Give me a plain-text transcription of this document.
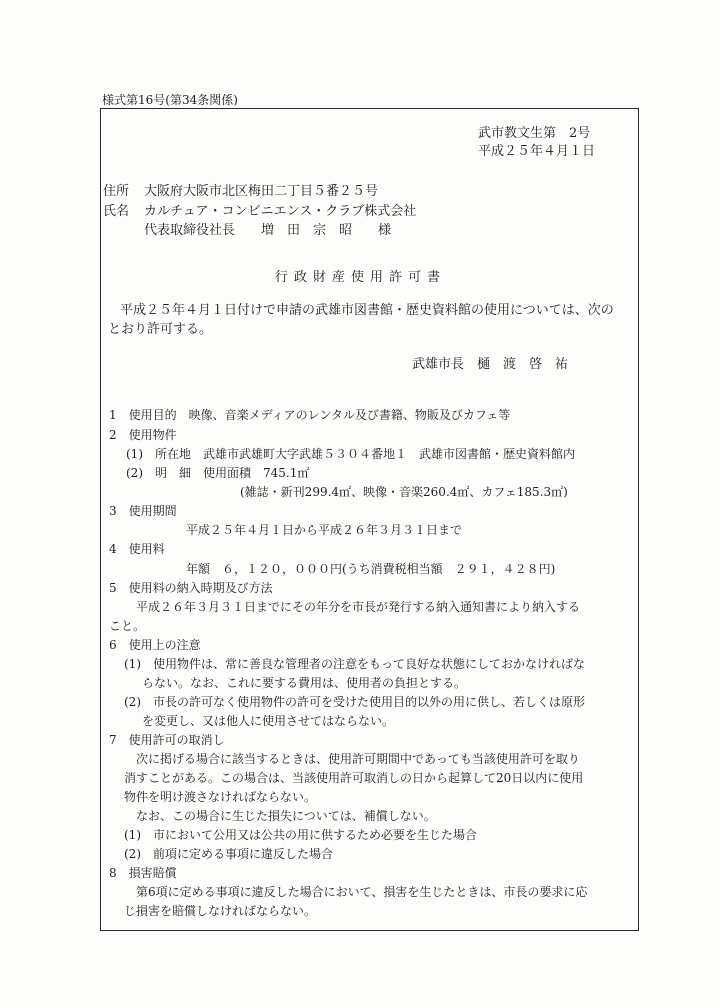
様式第16号(第34条関係)
武市教文生第　2号
平成２５年４月１日
住所 大阪府大阪市北区梅田二丁目５番２５号
氏名 カルチュア・コンビニエンス・クラブ株式会社
代表取締役社長　　増　田　宗　昭　　様
行政財産使用許可書
平成２５年４月１日付けで申請の武雄市図書館・歴史資料館の使用については、次の
とおり許可する。
武雄市長　樋　渡　啓　祐
1　使用目的　映像、音楽メディアのレンタル及び書籍、物販及びカフェ等
2　使用物件
(1)　所在地　武雄市武雄町大字武雄５３０４番地１　武雄市図書館・歴史資料館内
(2)　明　細　使用面積　745.1㎡
(雑誌・新刊299.4㎡、映像・音楽260.4㎡、カフェ185.3㎡)
3　使用期間
平成２５年４月１日から平成２６年３月３１日まで
4　使用料
年額　６，１２０，０００円(うち消費税相当額　２９１，４２８円)
5　使用料の納入時期及び方法
平成２６年３月３１日までにその年分を市長が発行する納入通知書により納入する
こと。
6　使用上の注意
(1)　使用物件は、常に善良な管理者の注意をもって良好な状態にしておかなければな
らない。なお、これに要する費用は、使用者の負担とする。
(2)　市長の許可なく使用物件の許可を受けた使用目的以外の用に供し、若しくは原形
を変更し、又は他人に使用させてはならない。
7　使用許可の取消し
次に掲げる場合に該当するときは、使用許可期間中であっても当該使用許可を取り
消すことがある。この場合は、当該使用許可取消しの日から起算して20日以内に使用
物件を明け渡さなければならない。
なお、この場合に生じた損失については、補償しない。
(1)　市において公用又は公共の用に供するため必要を生じた場合
(2)　前項に定める事項に違反した場合
8　損害賠償
第6項に定める事項に違反した場合において、損害を生じたときは、市長の要求に応
じ損害を賠償しなければならない。
